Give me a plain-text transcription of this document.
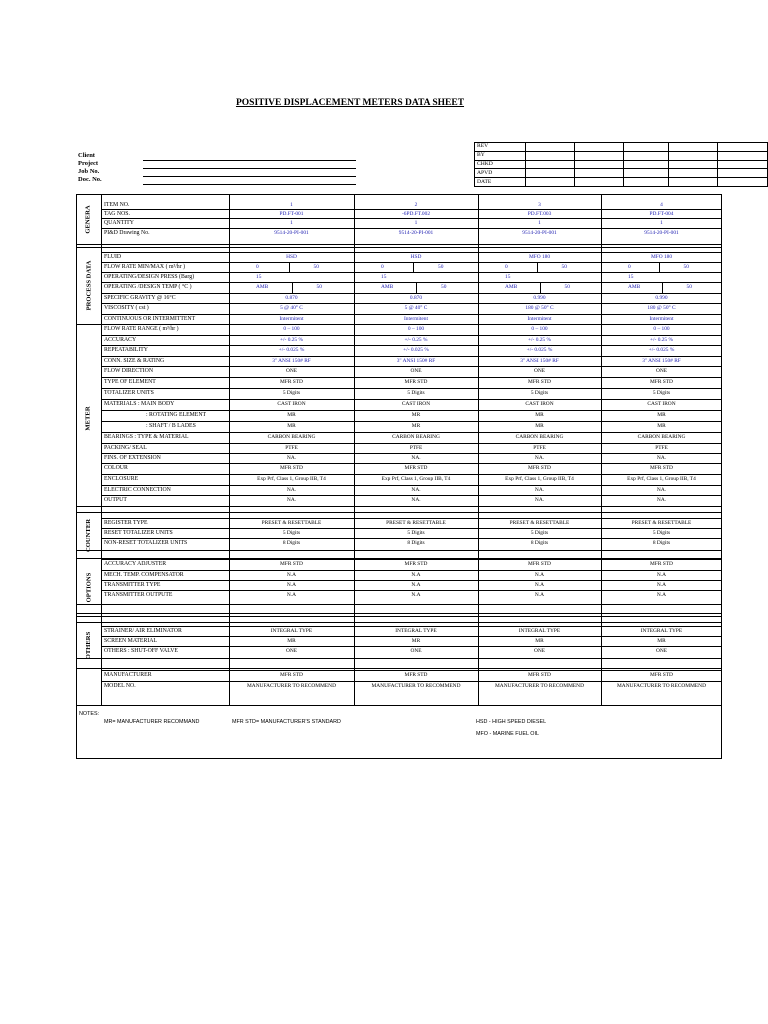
POSITIVE DISPLACEMENT METERS DATA SHEET
Client
Project
Job No.
Doc. No.
REV					
BY					
CHKD					
APVD					
DATE					
GENERA
PROCESS DATA
METER
COUNTER
OPTIONS
OTHERS
ITEM NO.	1	2	3	4
TAG NOS.	PD.FT-001	-6PD.FT.002	PD.FT.003	PD.FT-004
QUANTITY	1	1	1	1
PI&D Drawing No.	9514-20-PI-001	9514-20-PI-001	9514-20-PI-001	9514-20-PI-001
FLUID	HSD	HSD	MFO 180	MFO 180
FLOW RATE MIN/MAX ( m³/hr )	0	50	0	50	0	50	0	50
OPERATING/DESIGN PRESS (Barg)	15	15	15	15
OPERATING /DESIGN TEMP ( °C )	AMB	50	AMB	50	AMB	50	AMB	50
SPECIFIC GRAVITY @ 16°C	0.870	0.870	0.990	0.990
VISCOSITY ( cst )	5 @ 40° C	5 @ 40° C	180 @ 50° C	180 @ 50° C
CONTINUOUS OR INTERMITTENT	Intermitent	Intermitent	Intermitent	Intermitent
FLOW RATE RANGE ( m³/hr )	0 – 100	0 – 100	0 – 100	0 – 100
ACCURACY	+/- 0.25 %	+/- 0.25 %	+/- 0.25 %	+/- 0.25 %
REPEATABILITY	+/- 0.025 %	+/- 0.025 %	+/- 0.025 %	+/- 0.025 %
CONN. SIZE & RATING	3" ANSI 150# RF	3" ANSI 150# RF	3" ANSI 150# RF	3" ANSI 150# RF
FLOW DIRECTION	ONE	ONE	ONE	ONE
TYPE OF ELEMENT	MFR STD	MFR STD	MFR STD	MFR STD
TOTALIZER UNITS	5 Digits	5 Digits	5 Digits	5 Digits
MATERIALS : MAIN BODY	CAST IRON	CAST IRON	CAST IRON	CAST IRON
: ROTATING ELEMENT	MR	MR	MR	MR
: SHAFT / B LADES	MR	MR	MR	MR
BEARINGS : TYPE & MATERIAL	CARBON BEARING	CARBON BEARING	CARBON BEARING	CARBON BEARING
PACKING/ SEAL	PTFE	PTFE	PTFE	PTFE
FINS. OF EXTENSION	NA.	NA.	NA.	NA.
COLOUR	MFR STD	MFR STD	MFR STD	MFR STD
ENCLOSURE	Exp Prf, Class 1, Group IIB, T4	Exp Prf, Class 1, Group IIB, T4	Exp Prf, Class 1, Group IIB, T4	Exp Prf, Class 1, Group IIB, T4
ELECTRIC CONNECTION	NA.	NA.	NA.	NA.
OUTPUT	NA.	NA.	NA.	NA.
REGISTER TYPE	PRESET & RESETTABLE	PRESET & RESETTABLE	PRESET & RESETTABLE	PRESET & RESETTABLE
RESET TOTALIZER UNITS	5 Digits	5 Digits	5 Digits	5 Digits
NON-RESET TOTALIZER UNITS	8 Digits	8 Digits	8 Digits	8 Digits
ACCURACY ADJUSTER	MFR STD	MFR STD	MFR STD	MFR STD
MECH. TEMP. COMPENSATOR	N.A	N.A	N.A	N.A
TRANSMITTER TYPE	N.A	N.A	N.A	N.A
TRANSMITTER OUTPUTE	N.A	N.A	N.A	N.A
STRAINER/ AIR ELIMINATOR	INTEGRAL TYPE	INTEGRAL TYPE	INTEGRAL TYPE	INTEGRAL TYPE
SCREEN MATERIAL	MR	MR	MR	MR
OTHERS : SHUT-OFF VALVE	ONE	ONE	ONE	ONE
MANUFACTURER	MFR STD	MFR STD	MFR STD	MFR STD
MODEL NO.	MANUFACTURER TO RECOMMEND	MANUFACTURER TO RECOMMEND	MANUFACTURER TO RECOMMEND	MANUFACTURER TO RECOMMEND
NOTES:
MR= MANUFACTURER RECOMMAND	MFR STD= MANUFACTURER'S STANDARD	HSD - HIGH SPEED DIESEL
MFO - MARINE FUEL OIL
